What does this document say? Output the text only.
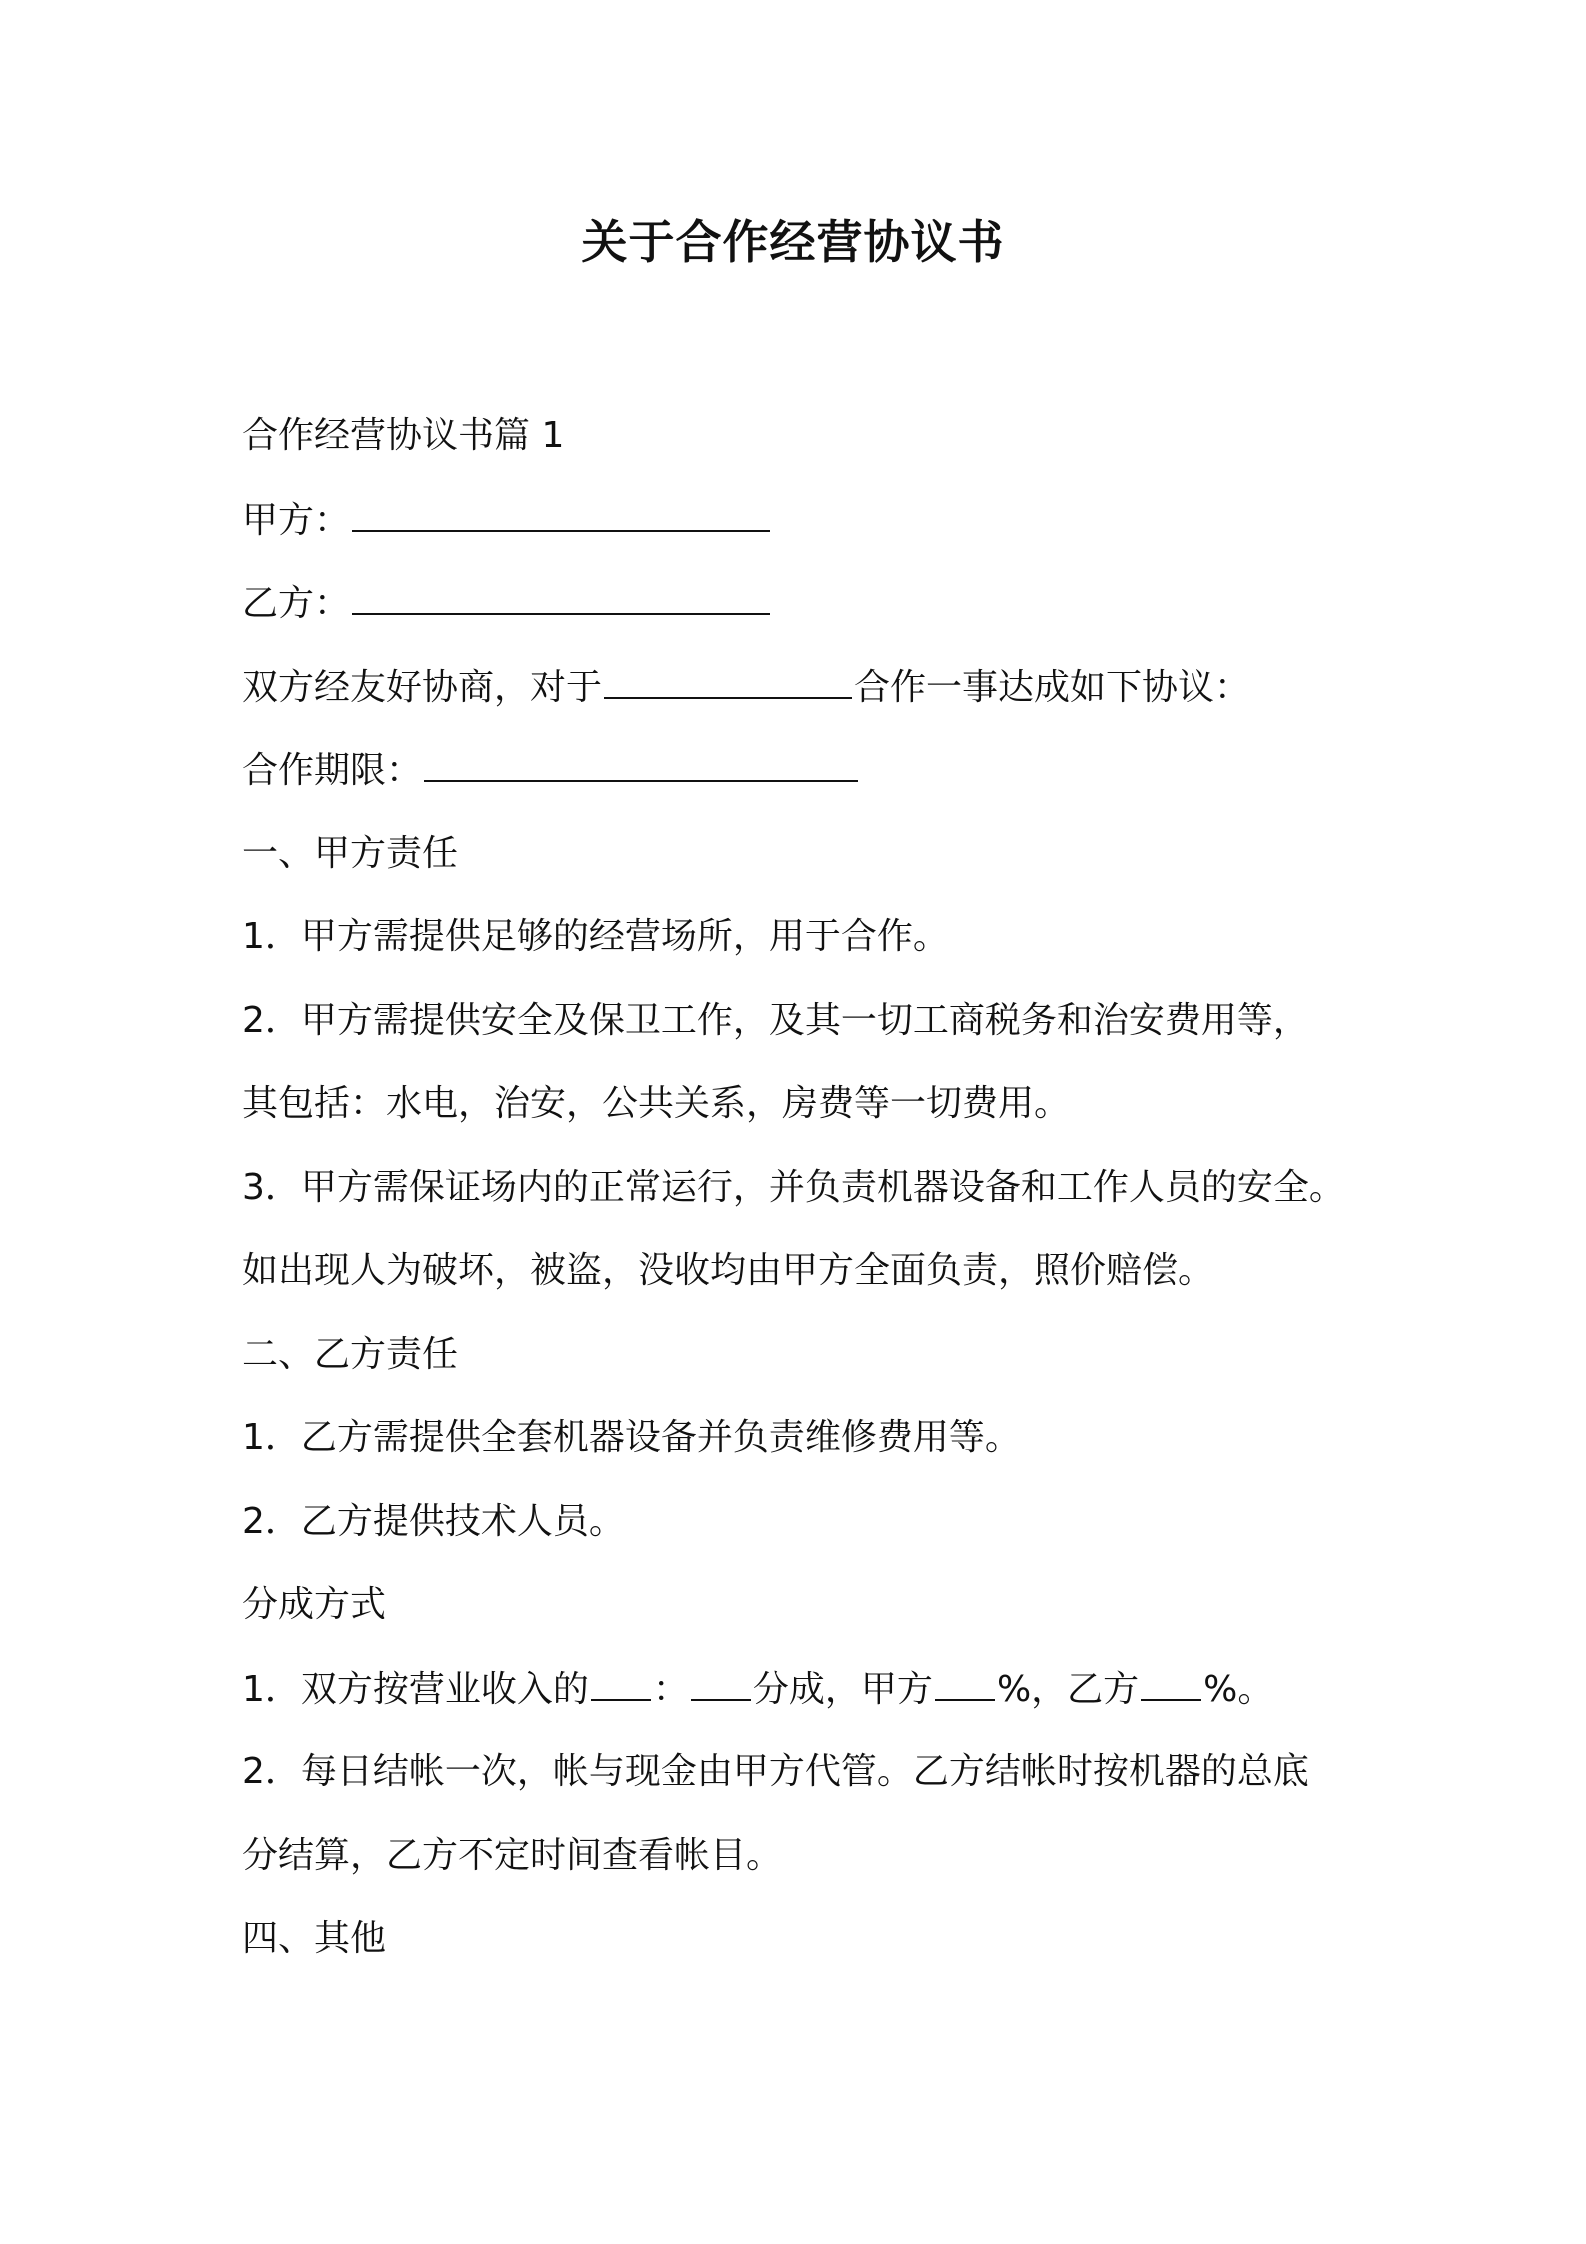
关于合作经营协议书
合作经营协议书篇 1
甲方：
乙方：
双方经友好协商，对于	合作一事达成如下协议：
合作期限：
一、甲方责任
1．甲方需提供足够的经营场所，用于合作。
2．甲方需提供安全及保卫工作，及其一切工商税务和治安费用等，
其包括：水电，治安，公共关系，房费等一切费用。
3．甲方需保证场内的正常运行，并负责机器设备和工作人员的安全。
如出现人为破坏，被盗，没收均由甲方全面负责，照价赔偿。
二、乙方责任
1．乙方需提供全套机器设备并负责维修费用等。
2．乙方提供技术人员。
分成方式
1．双方按营业收入的 ： 分成，甲方 %，乙方 %。
2．每日结帐一次，帐与现金由甲方代管。乙方结帐时按机器的总底
分结算，乙方不定时间查看帐目。
四、其他
